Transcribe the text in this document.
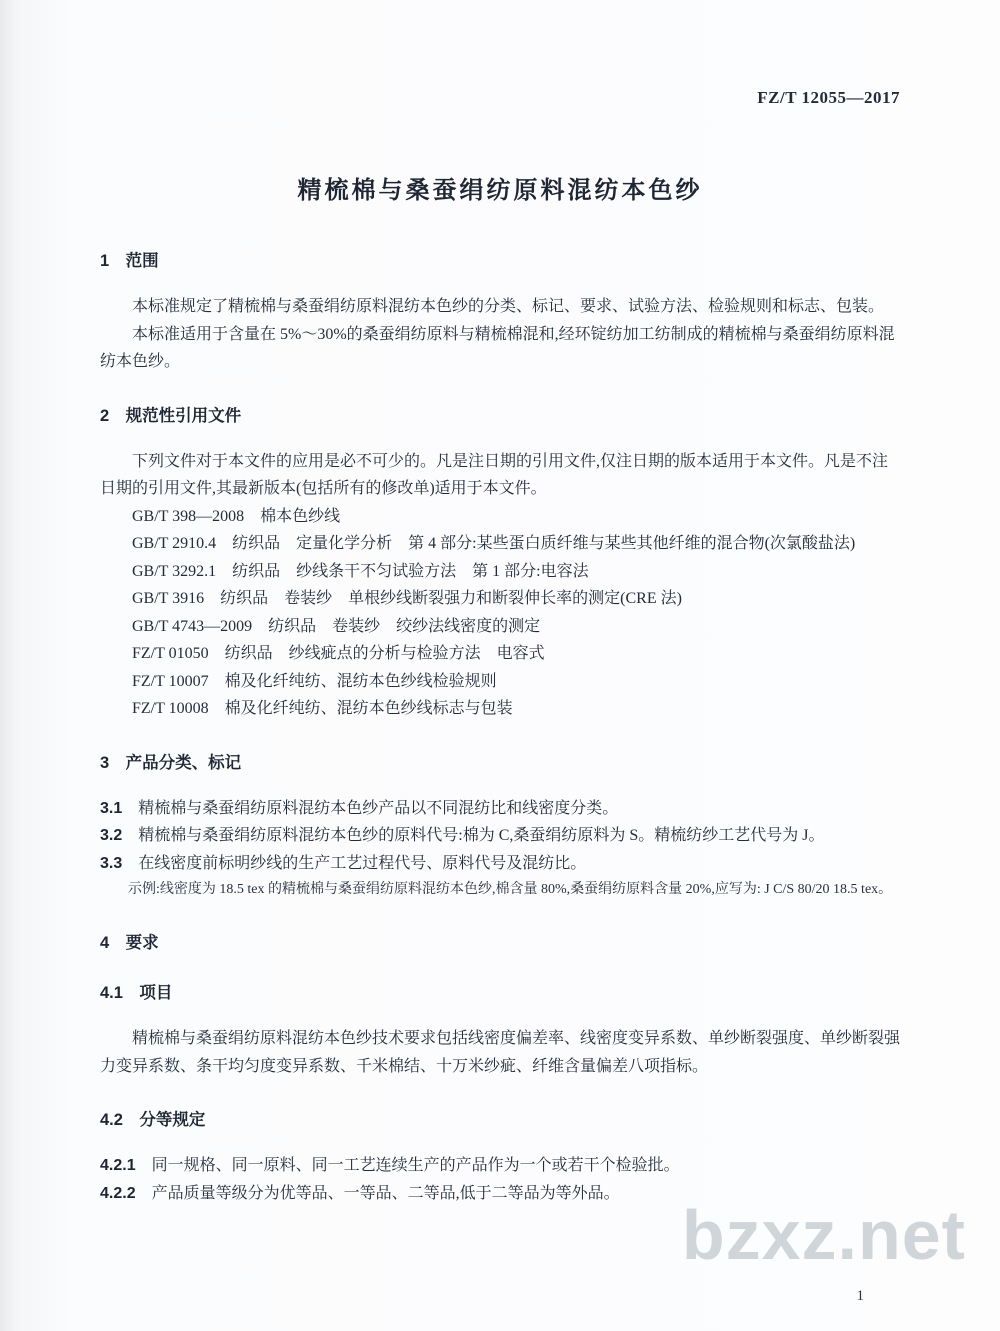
FZ/T 12055—2017
精梳棉与桑蚕绢纺原料混纺本色纱
1　范围

本标准规定了精梳棉与桑蚕绢纺原料混纺本色纱的分类、标记、要求、试验方法、检验规则和标志、包装。

本标准适用于含量在 5%～30%的桑蚕绢纺原料与精梳棉混和,经环锭纺加工纺制成的精梳棉与桑蚕绢纺原料混纺本色纱。

2　规范性引用文件

下列文件对于本文件的应用是必不可少的。凡是注日期的引用文件,仅注日期的版本适用于本文件。凡是不注日期的引用文件,其最新版本(包括所有的修改单)适用于本文件。

GB/T 398—2008　棉本色纱线

GB/T 2910.4　纺织品　定量化学分析　第 4 部分:某些蛋白质纤维与某些其他纤维的混合物(次氯酸盐法)

GB/T 3292.1　纺织品　纱线条干不匀试验方法　第 1 部分:电容法

GB/T 3916　纺织品　卷装纱　单根纱线断裂强力和断裂伸长率的测定(CRE 法)

GB/T 4743—2009　纺织品　卷装纱　绞纱法线密度的测定

FZ/T 01050　纺织品　纱线疵点的分析与检验方法　电容式

FZ/T 10007　棉及化纤纯纺、混纺本色纱线检验规则

FZ/T 10008　棉及化纤纯纺、混纺本色纱线标志与包装

3　产品分类、标记

3.1 精梳棉与桑蚕绢纺原料混纺本色纱产品以不同混纺比和线密度分类。

3.2 精梳棉与桑蚕绢纺原料混纺本色纱的原料代号:棉为 C,桑蚕绢纺原料为 S。精梳纺纱工艺代号为 J。

3.3 在线密度前标明纱线的生产工艺过程代号、原料代号及混纺比。

示例:线密度为 18.5 tex 的精梳棉与桑蚕绢纺原料混纺本色纱,棉含量 80%,桑蚕绢纺原料含量 20%,应写为: J C/S 80/20 18.5 tex。

4　要求
4.1　项目

精梳棉与桑蚕绢纺原料混纺本色纱技术要求包括线密度偏差率、线密度变异系数、单纱断裂强度、单纱断裂强力变异系数、条干均匀度变异系数、千米棉结、十万米纱疵、纤维含量偏差八项指标。

4.2　分等规定

4.2.1 同一规格、同一原料、同一工艺连续生产的产品作为一个或若干个检验批。

4.2.2 产品质量等级分为优等品、一等品、二等品,低于二等品为等外品。

bzxz.net
1
